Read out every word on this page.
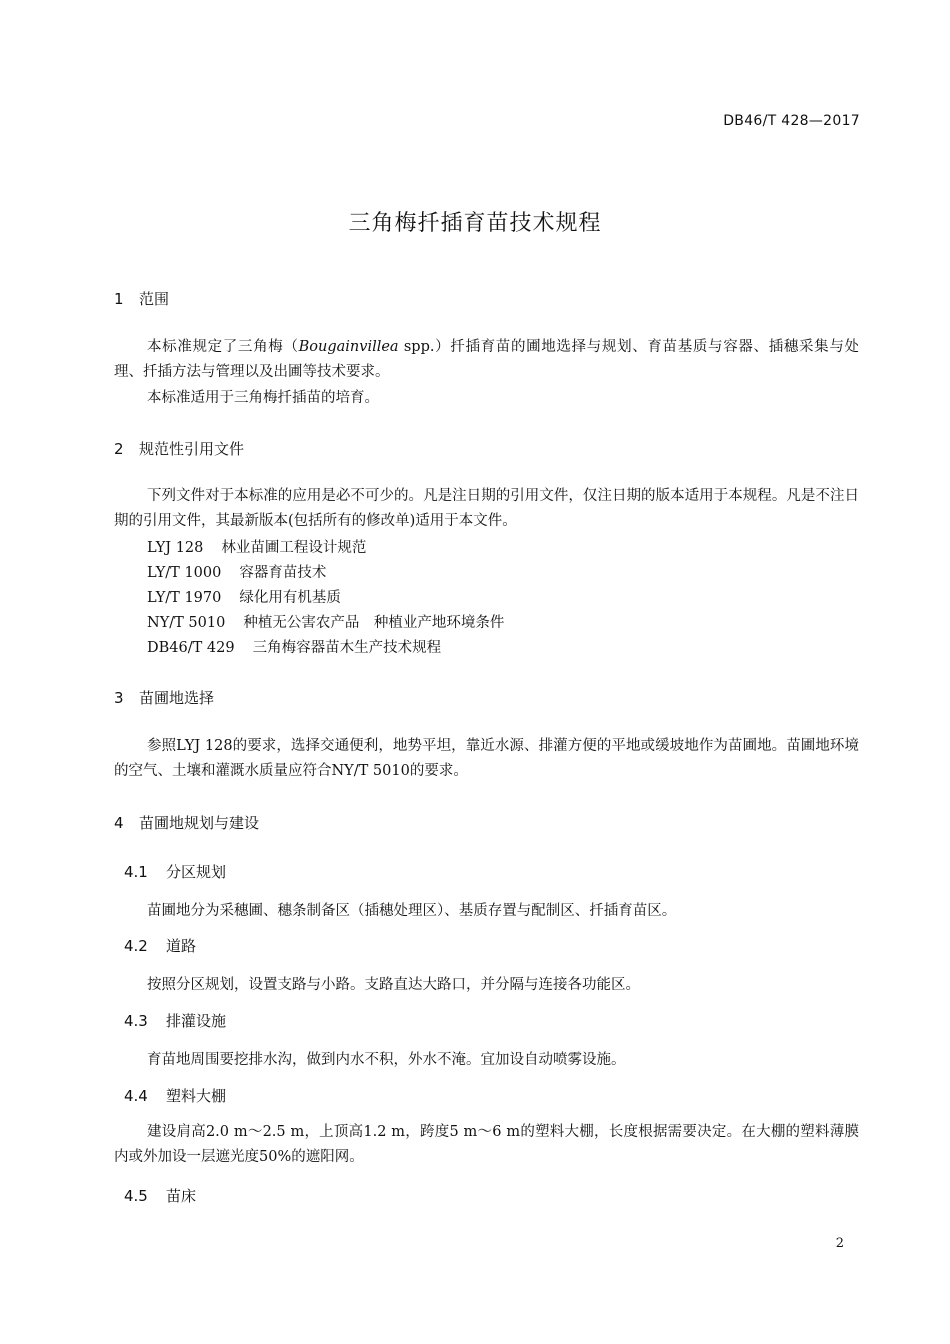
DB46/T 428—2017
三角梅扦插育苗技术规程
1 范围

本标准规定了三角梅（Bougainvillea spp.）扦插育苗的圃地选择与规划、育苗基质与容器、插穗采集与处理、扦插方法与管理以及出圃等技术要求。

本标准适用于三角梅扦插苗的培育。
2 规范性引用文件

下列文件对于本标准的应用是必不可少的。凡是注日期的引用文件，仅注日期的版本适用于本规程。凡是不注日期的引用文件，其最新版本(包括所有的修改单)适用于本文件。

LYJ 128 林业苗圃工程设计规范
LY/T 1000 容器育苗技术
LY/T 1970 绿化用有机基质
NY/T 5010 种植无公害农产品　种植业产地环境条件
DB46/T 429 三角梅容器苗木生产技术规程
3 苗圃地选择

参照LYJ 128的要求，选择交通便利，地势平坦，靠近水源、排灌方便的平地或缓坡地作为苗圃地。苗圃地环境的空气、土壤和灌溉水质量应符合NY/T 5010的要求。

4 苗圃地规划与建设
4.1 分区规划
苗圃地分为采穗圃、穗条制备区（插穗处理区）、基质存置与配制区、扦插育苗区。
4.2 道路
按照分区规划，设置支路与小路。支路直达大路口，并分隔与连接各功能区。
4.3 排灌设施
育苗地周围要挖排水沟，做到内水不积，外水不淹。宜加设自动喷雾设施。
4.4 塑料大棚

建设肩高2.0 m～2.5 m，上顶高1.2 m，跨度5 m～6 m的塑料大棚，长度根据需要决定。在大棚的塑料薄膜内或外加设一层遮光度50%的遮阳网。

4.5 苗床
2
